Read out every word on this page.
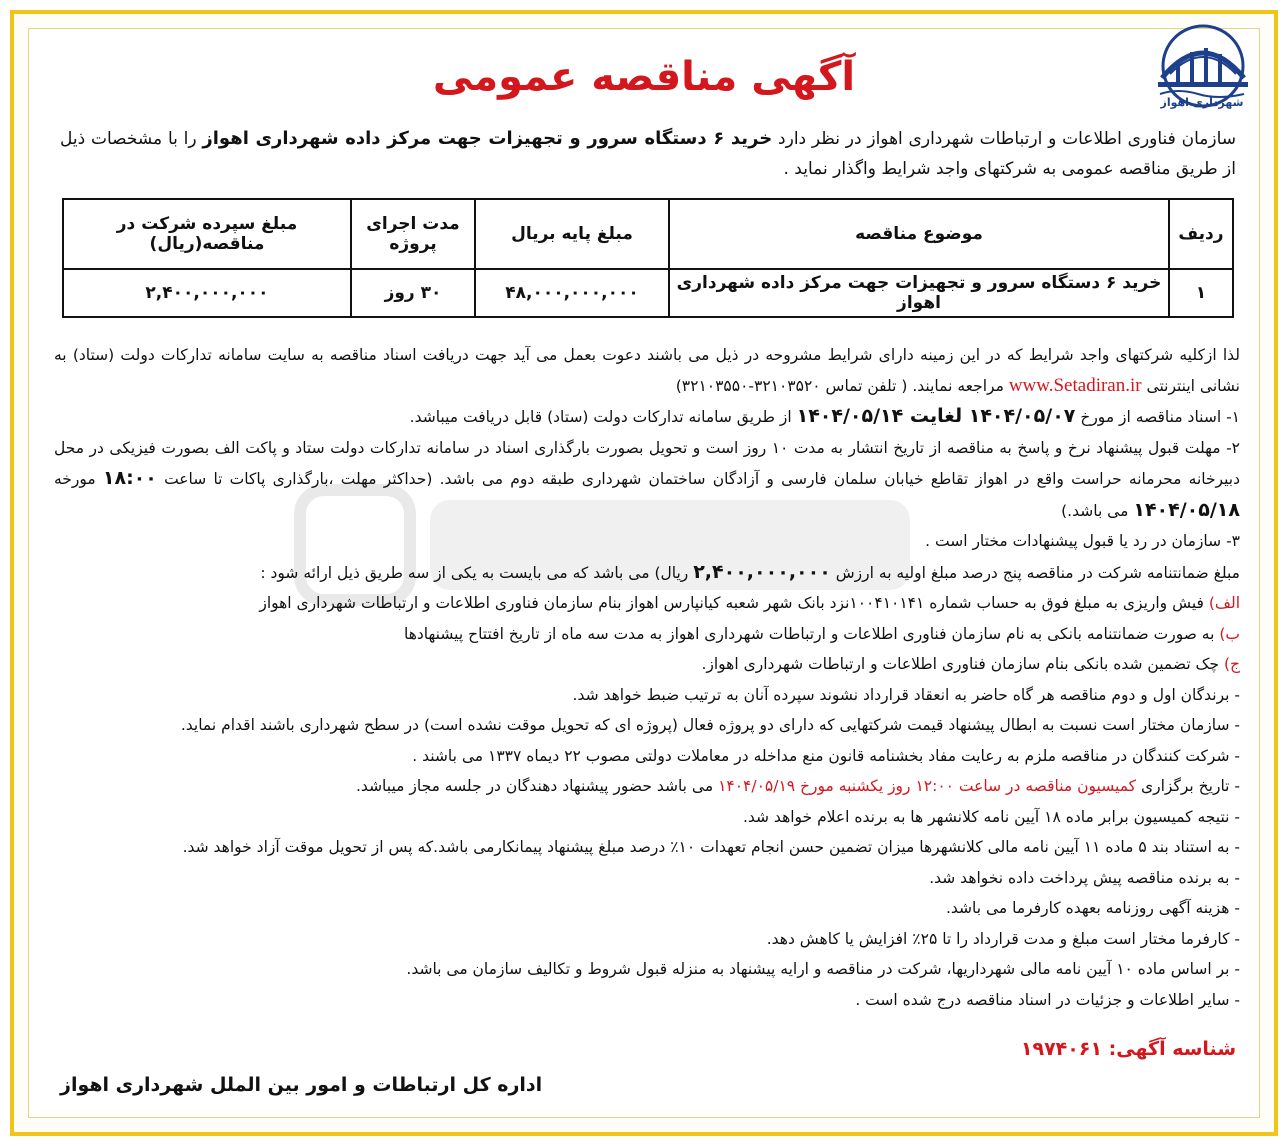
شهرداری اهواز
آگهی مناقصه عمومی
سازمان فناوری اطلاعات و ارتباطات شهرداری اهواز در نظر دارد خرید ۶ دستگاه سرور و تجهیزات جهت مرکز داده شهرداری اهواز را با مشخصات ذیل از طریق مناقصه عمومی به شرکتهای واجد شرایط واگذار نماید .
ردیف	موضوع مناقصه	مبلغ پایه بریال	مدت اجرای پروژه	مبلغ سپرده شرکت در مناقصه(ریال)
۱	خرید ۶ دستگاه سرور و تجهیزات جهت مرکز داده شهرداری اهواز	۴۸,۰۰۰,۰۰۰,۰۰۰	۳۰ روز	۲,۴۰۰,۰۰۰,۰۰۰

لذا ازکلیه شرکتهای واجد شرایط که در این زمینه دارای شرایط مشروحه در ذیل می باشند دعوت بعمل می آید جهت دریافت اسناد مناقصه به سایت سامانه تدارکات دولت (ستاد) به نشانی اینترنتی www.Setadiran.ir مراجعه نمایند. ( تلفن تماس ۳۲۱۰۳۵۲۰-۳۲۱۰۳۵۵۰)

۱- اسناد مناقصه از مورخ ۱۴۰۴/۰۵/۰۷ لغایت ۱۴۰۴/۰۵/۱۴ از طریق سامانه تدارکات دولت (ستاد) قابل دریافت میباشد.

۲- مهلت قبول پیشنهاد نرخ و پاسخ به مناقصه از تاریخ انتشار به مدت ۱۰ روز است و تحویل بصورت بارگذاری اسناد در سامانه تدارکات دولت ستاد و پاکت الف بصورت فیزیکی در محل دبیرخانه محرمانه حراست واقع در اهواز تقاطع خیابان سلمان فارسی و آزادگان ساختمان شهرداری طبقه دوم می باشد. (حداکثر مهلت ،بارگذاری پاکات تا ساعت ۱۸:۰۰ مورخه ۱۴۰۴/۰۵/۱۸ می باشد.)

۳- سازمان در رد یا قبول پیشنهادات مختار است .

مبلغ ضمانتنامه شرکت در مناقصه پنج درصد مبلغ اولیه به ارزش ۲,۴۰۰,۰۰۰,۰۰۰ ریال) می باشد که می بایست به یکی از سه طریق ذیل ارائه شود :

الف) فیش واریزی به مبلغ فوق به حساب شماره ۱۰۰۴۱۰۱۴۱نزد بانک شهر شعبه کیانپارس اهواز بنام سازمان فناوری اطلاعات و ارتباطات شهرداری اهواز

ب) به صورت ضمانتنامه بانکی به نام سازمان فناوری اطلاعات و ارتباطات شهرداری اهواز به مدت سه ماه از تاریخ افتتاح پیشنهادها

ج) چک تضمین شده بانکی بنام سازمان فناوری اطلاعات و ارتباطات شهرداری اهواز.

- برندگان اول و دوم مناقصه هر گاه حاضر به انعقاد قرارداد نشوند سپرده آنان به ترتیب ضبط خواهد شد.

- سازمان مختار است نسبت به ابطال پیشنهاد قیمت شرکتهایی که دارای دو پروژه فعال (پروژه ای که تحویل موقت نشده است) در سطح شهرداری باشند اقدام نماید.

- شرکت کنندگان در مناقصه ملزم به رعایت مفاد بخشنامه قانون منع مداخله در معاملات دولتی مصوب ۲۲ دیماه ۱۳۳۷ می باشند .

- تاریخ برگزاری کمیسیون مناقصه در ساعت ۱۲:۰۰ روز یکشنبه مورخ ۱۴۰۴/۰۵/۱۹ می باشد حضور پیشنهاد دهندگان در جلسه مجاز میباشد.

- نتیجه کمیسیون برابر ماده ۱۸ آیین نامه کلانشهر ها به برنده اعلام خواهد شد.

- به استناد بند ۵ ماده ۱۱ آیین نامه مالی کلانشهرها میزان تضمین حسن انجام تعهدات ۱۰٪ درصد مبلغ پیشنهاد پیمانکارمی باشد.که پس از تحویل موقت آزاد خواهد شد.

- به برنده مناقصه پیش پرداخت داده نخواهد شد.

- هزینه آگهی روزنامه بعهده کارفرما می باشد.

- کارفرما مختار است مبلغ و مدت قرارداد را تا ۲۵٪ افزایش یا کاهش دهد.

- بر اساس ماده ۱۰ آیین نامه مالی شهرداریها، شرکت در مناقصه و ارایه پیشنهاد به منزله قبول شروط و تکالیف سازمان می باشد.

- سایر اطلاعات و جزئیات در اسناد مناقصه درج شده است .

شناسه آگهی: ۱۹۷۴۰۶۱
اداره کل ارتباطات و امور بین الملل شهرداری اهواز
